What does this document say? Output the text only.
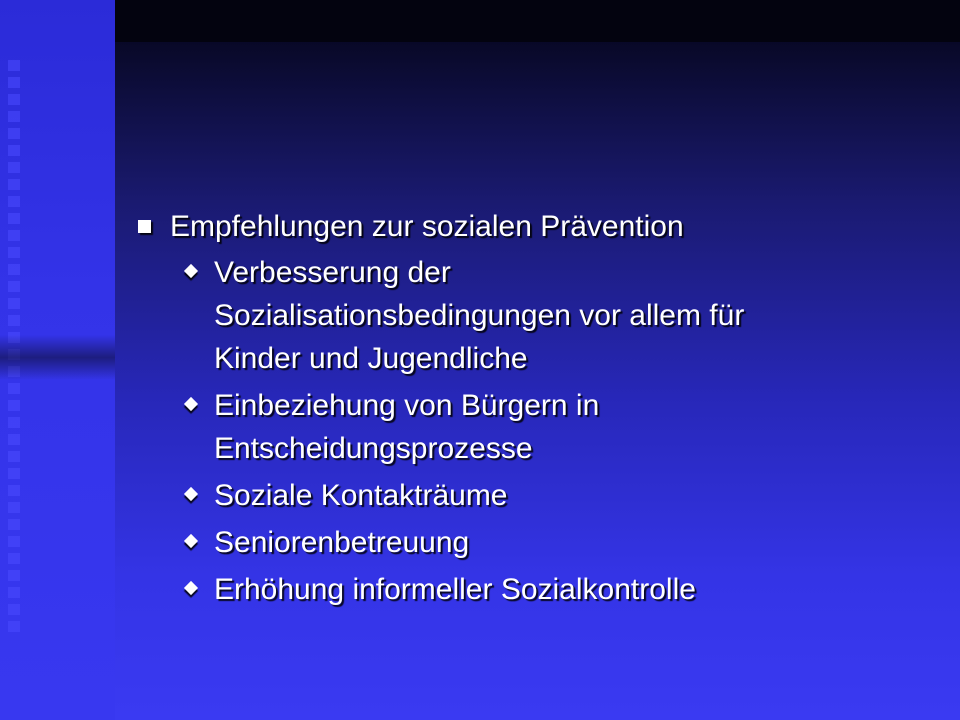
Empfehlungen zur sozialen Prävention
Verbesserung der
Sozialisationsbedingungen vor allem für
Kinder und Jugendliche
Einbeziehung von Bürgern in
Entscheidungsprozesse
Soziale Kontakträume
Seniorenbetreuung
Erhöhung informeller Sozialkontrolle
